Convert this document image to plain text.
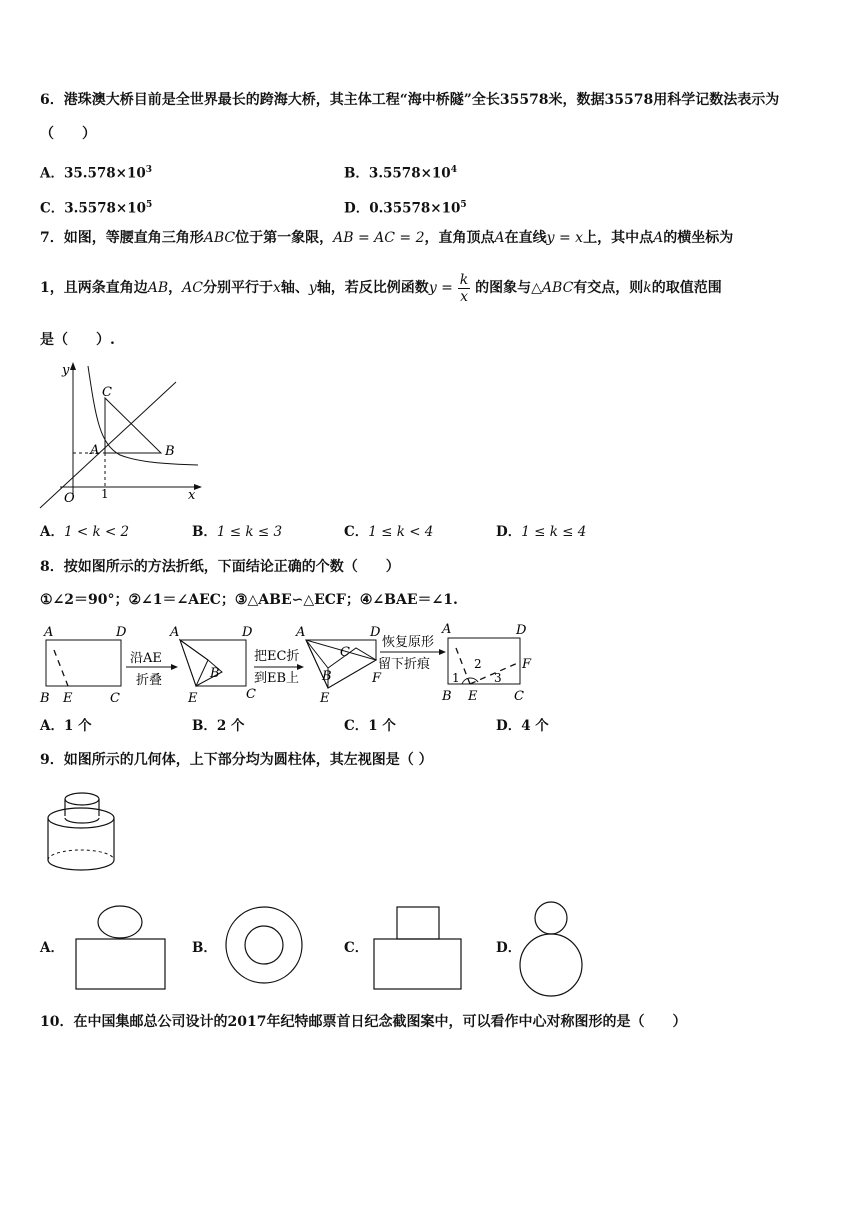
6．港珠澳大桥目前是全世界最长的跨海大桥，其主体工程“海中桥隧”全长35578米，数据35578用科学记数法表示为
（　　）
A．$35.578\times 10^3$	B．$3.5578\times 10^4$
C．$3.5578\times 10^5$	D．$0.35578\times 10^5$
7．如图，等腰直角三角形ABC位于第一象限，AB = AC = 2，直角顶点A在直线y = x上，其中点A的横坐标为
1，且两条直角边AB，AC分别平行于x轴、y轴，若反比例函数$y = \frac{k}{x}$ 的图象与△ABC有交点，则k的取值范围
是（　　）.
y
C
A	B
O 1	x
A．1 < k < 2	B．1 ≤ k ≤ 3	C．1 ≤ k < 4	D．1 ≤ k ≤ 4
8．按如图所示的方法折纸，下面结论正确的个数（　　）
①∠2＝90°；②∠1＝∠AEC；③△ABE∽△ECF；④∠BAE＝∠1.
A	D
B E	C
沿AE
折叠
A	D
B
E	C
把EC折
到EB上
A	D
C
B	F
E
恢复原形
留下折痕
A	D
F
1
2
3
B E	C
A．1 个	B．2 个	C．1 个	D．4 个
9．如图所示的几何体，上下部分均为圆柱体，其左视图是（ ）
A．	B．	C．	D．
10．在中国集邮总公司设计的2017年纪特邮票首日纪念截图案中，可以看作中心对称图形的是（　　）
